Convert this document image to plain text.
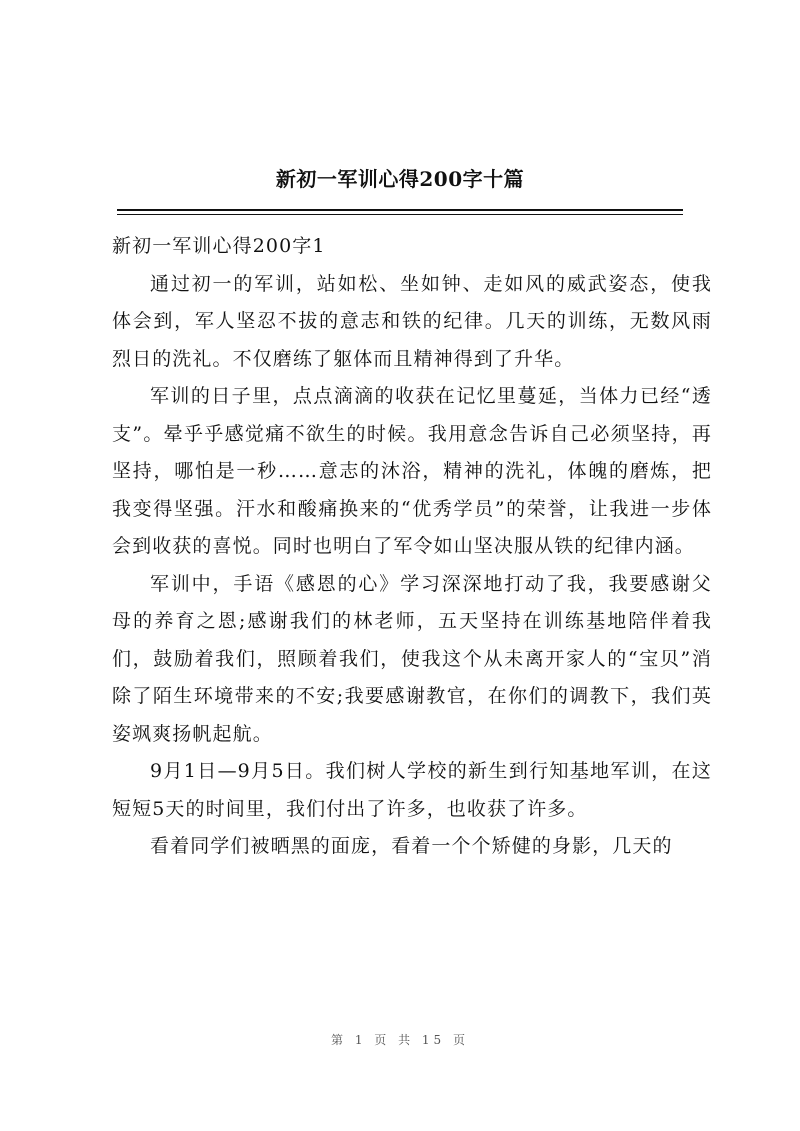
新初一军训心得200字十篇

新初一军训心得200字1

通过初一的军训，站如松、坐如钟、走如风的威武姿态，使我体会到，军人坚忍不拔的意志和铁的纪律。几天的训练，无数风雨烈日的洗礼。不仅磨练了躯体而且精神得到了升华。

军训的日子里，点点滴滴的收获在记忆里蔓延，当体力已经“透支”。晕乎乎感觉痛不欲生的时候。我用意念告诉自己必须坚持，再坚持，哪怕是一秒……意志的沐浴，精神的洗礼，体魄的磨炼，把我变得坚强。汗水和酸痛换来的“优秀学员”的荣誉，让我进一步体会到收获的喜悦。同时也明白了军令如山坚决服从铁的纪律内涵。

军训中，手语《感恩的心》学习深深地打动了我，我要感谢父母的养育之恩;感谢我们的林老师，五天坚持在训练基地陪伴着我们，鼓励着我们，照顾着我们，使我这个从未离开家人的“宝贝”消除了陌生环境带来的不安;我要感谢教官，在你们的调教下，我们英姿飒爽扬帆起航。

9月1日—9月5日。我们树人学校的新生到行知基地军训，在这短短5天的时间里，我们付出了许多，也收获了许多。

看着同学们被晒黑的面庞，看着一个个矫健的身影，几天的

第 1 页 共 15 页
